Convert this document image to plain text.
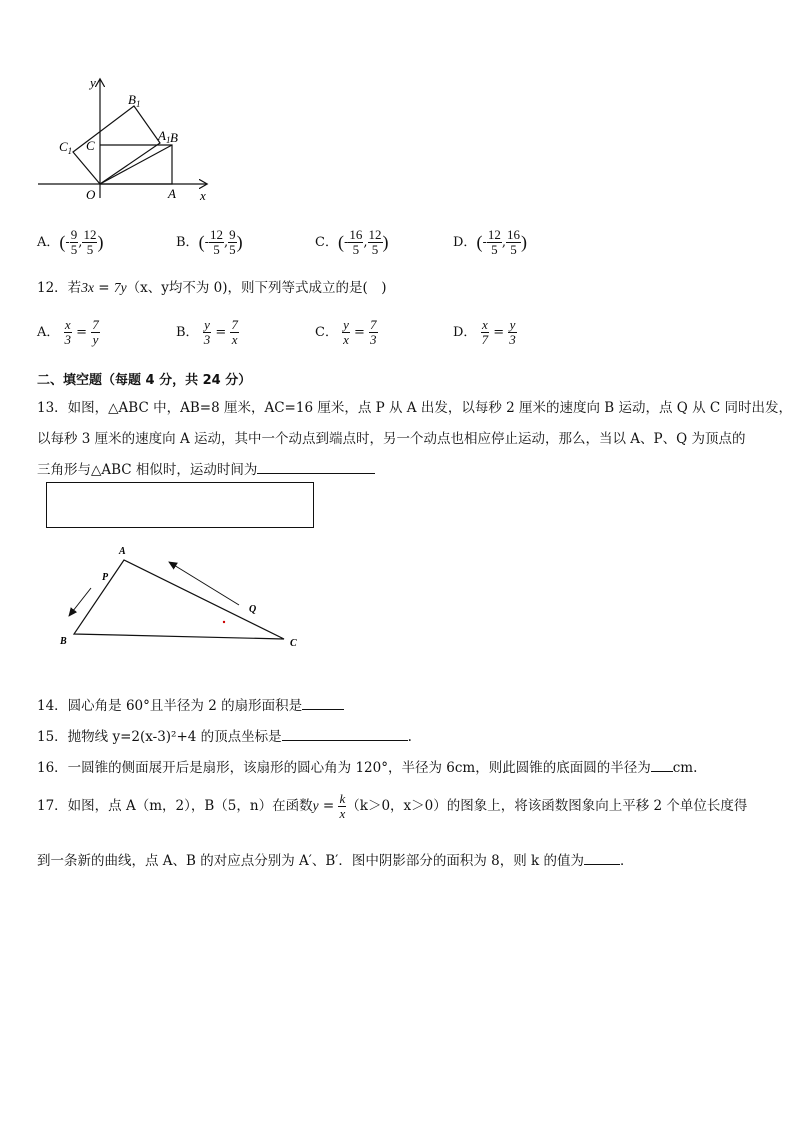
y
x
O	A
B
C
$A_1$
$B_1$
$C_1$
A．(- $\frac{9}{5}$ , $\frac{12}{5}$ )	B．(- $\frac{12}{5}$ , $\frac{9}{5}$ )	C．(- $\frac{16}{5}$ , $\frac{12}{5}$ )	D．(- $\frac{12}{5}$ , $\frac{16}{5}$ )
12．若3x = 7y（x、y均不为 0)，则下列等式成立的是(　)
A． $\frac{x}{3} = \frac{7}{y}$	B． $\frac{y}{3} = \frac{7}{x}$	C． $\frac{y}{x} = \frac{7}{3}$	D． $\frac{x}{7} = \frac{y}{3}$
二、填空题（每题 4 分，共 24 分）
13．如图，△ABC 中，AB=8 厘米，AC=16 厘米，点 P 从 A 出发，以每秒 2 厘米的速度向 B 运动，点 Q 从 C 同时出发，
以每秒 3 厘米的速度向 A 运动，其中一个动点到端点时，另一个动点也相应停止运动，那么，当以 A、P、Q 为顶点的
三角形与△ABC 相似时，运动时间为
A
B	C
P
Q
14．圆心角是 60°且半径为 2 的扇形面积是
15．抛物线 y=2(x-3)²+4 的顶点坐标是	.
16．一圆锥的侧面展开后是扇形，该扇形的圆心角为 120°，半径为 6cm，则此圆锥的底面圆的半径为 cm.
17．如图，点 A（m，2），B（5，n）在函数$y = \frac{k}{x} (k>0$，x＞0）的图象上，将该函数图象向上平移 2 个单位长度得
到一条新的曲线，点 A、B 的对应点分别为 A′、B′．图中阴影部分的面积为 8，则 k 的值为	．
